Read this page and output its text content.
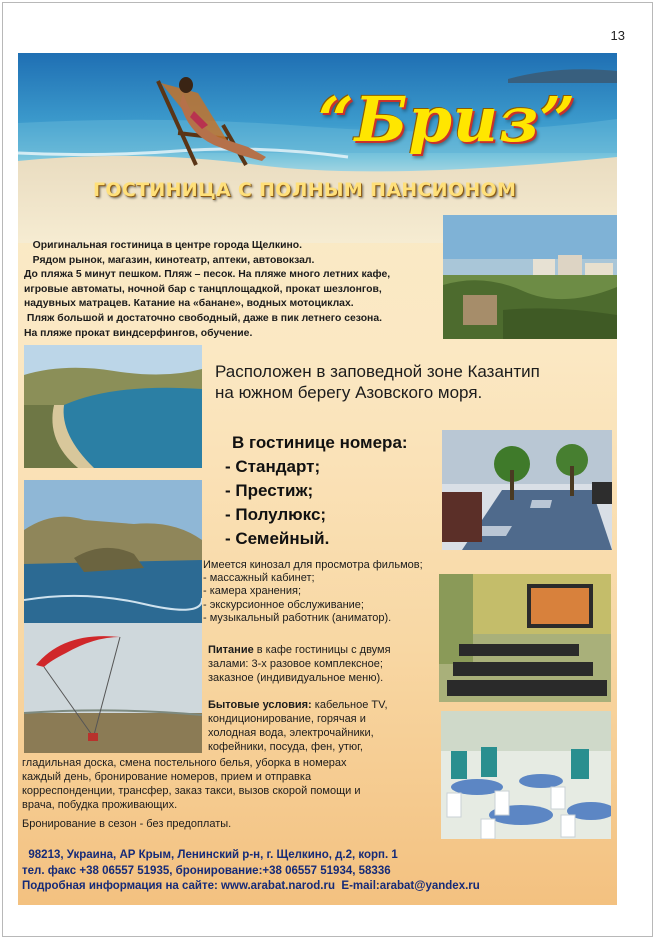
13
“Бриз”
ГОСТИНИЦА С ПОЛНЫМ ПАНСИОНОМ
Оригинальная гостиница в центре города Щелкино.
Рядом рынок, магазин, кинотеатр, аптеки, автовокзал.
До пляжа 5 минут пешком. Пляж – песок. На пляже много летних кафе,
игровые автоматы, ночной бар с танцплощадкой, прокат шезлонгов,
надувных матрацев. Катание на «банане», водных мотоциклах.
Пляж большой и достаточно свободный, даже в пик летнего сезона.
На пляже прокат виндсерфингов, обучение.
Расположен в заповедной зоне Казантип
на южном берегу Азовского моря.
В гостинице номера:
- Стандарт;
- Престиж;
- Полулюкс;
- Семейный.
Имеется кинозал для просмотра фильмов;
- массажный кабинет;
- камера хранения;
- экскурсионное обслуживание;
- музыкальный работник (аниматор).
Питание в кафе гостиницы с двумя
залами: 3-х разовое комплексное;
заказное (индивидуальное меню).
Бытовые условия: кабельное TV,
кондиционирование, горячая и
холодная вода, электрочайники,
кофейники, посуда, фен, утюг,
гладильная доска, смена постельного белья, уборка в номерах
каждый день, бронирование номеров, прием и отправка
корреспонденции, трансфер, заказ такси, вызов скорой помощи и
врача, побудка проживающих.
Бронирование в сезон - без предоплаты.
98213, Украина, АР Крым, Ленинский р-н, г. Щелкино, д.2, корп. 1
тел. факс +38 06557 51935, бронирование:+38 06557 51934, 58336
Подробная информация на сайте: www.arabat.narod.ru  E-mail:arabat@yandex.ru
